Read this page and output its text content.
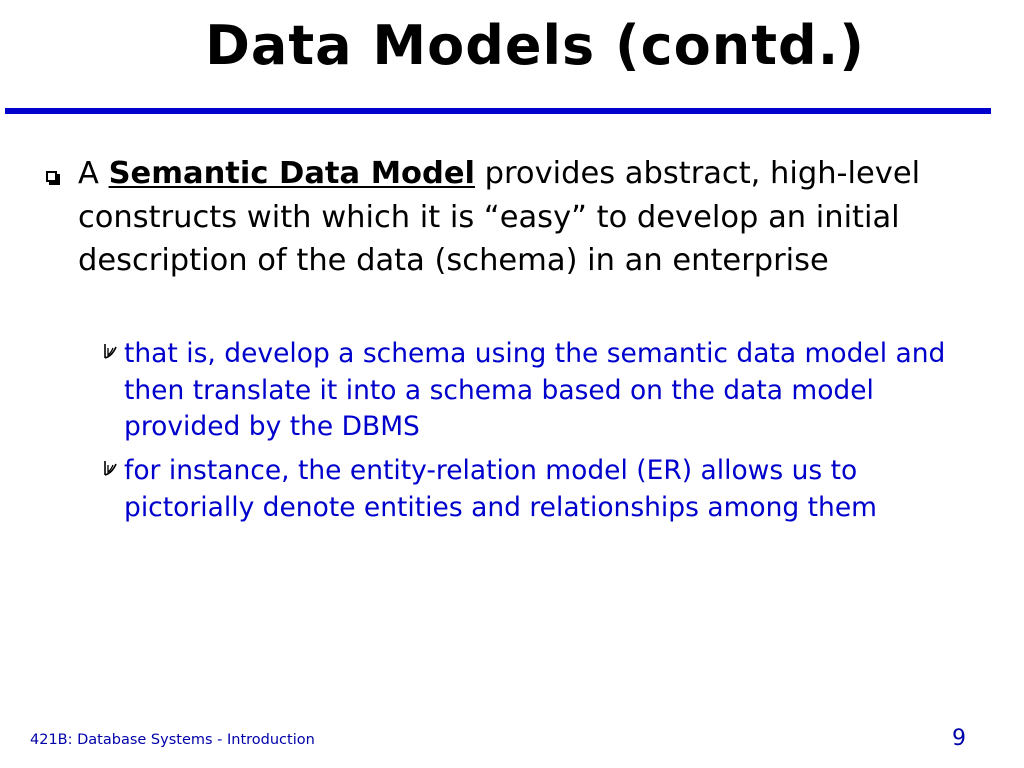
Data Models (contd.)
A Semantic Data Model provides abstract, high-level constructs with which it is “easy” to develop an initial description of the data (schema) in an enterprise
that is, develop a schema using the semantic data model and then translate it into a schema based on the data model provided by the DBMS
for instance, the entity-relation model (ER) allows us to pictorially denote entities and relationships among them
421B: Database Systems - Introduction	9
